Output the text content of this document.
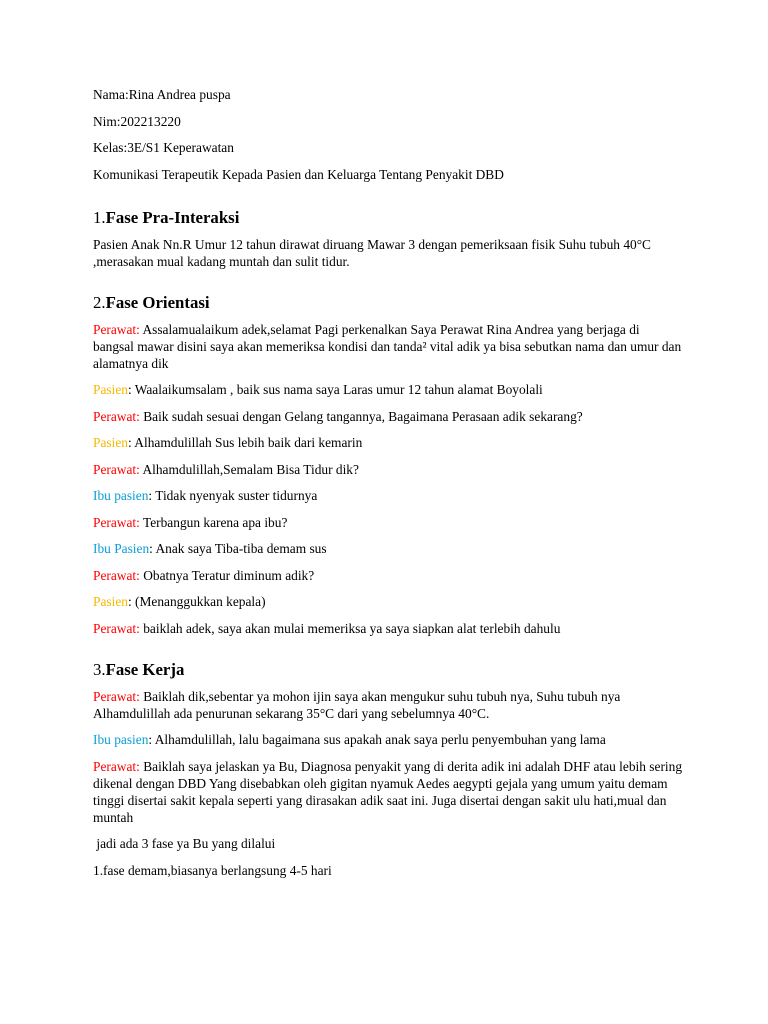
Nama:Rina Andrea puspa

Nim:202213220

Kelas:3E/S1 Keperawatan

Komunikasi Terapeutik Kepada Pasien dan Keluarga Tentang Penyakit DBD

1.Fase Pra-Interaksi

Pasien Anak Nn.R Umur 12 tahun dirawat diruang Mawar 3 dengan pemeriksaan fisik Suhu tubuh 40°C ,merasakan mual kadang muntah dan sulit tidur.

2.Fase Orientasi

Perawat: Assalamualaikum adek,selamat Pagi perkenalkan Saya Perawat Rina Andrea yang berjaga di bangsal mawar disini saya akan memeriksa kondisi dan tanda² vital adik ya bisa sebutkan nama dan umur dan alamatnya dik

Pasien: Waalaikumsalam , baik sus nama saya Laras umur 12 tahun alamat Boyolali

Perawat: Baik sudah sesuai dengan Gelang tangannya, Bagaimana Perasaan adik sekarang?

Pasien: Alhamdulillah Sus lebih baik dari kemarin

Perawat: Alhamdulillah,Semalam Bisa Tidur dik?

Ibu pasien: Tidak nyenyak suster tidurnya

Perawat: Terbangun karena apa ibu?

Ibu Pasien: Anak saya Tiba-tiba demam sus

Perawat: Obatnya Teratur diminum adik?

Pasien: (Menanggukkan kepala)

Perawat: baiklah adek, saya akan mulai memeriksa ya saya siapkan alat terlebih dahulu

3.Fase Kerja

Perawat: Baiklah dik,sebentar ya mohon ijin saya akan mengukur suhu tubuh nya, Suhu tubuh nya Alhamdulillah ada penurunan sekarang 35°C dari yang sebelumnya 40°C.

Ibu pasien: Alhamdulillah, lalu bagaimana sus apakah anak saya perlu penyembuhan yang lama

Perawat: Baiklah saya jelaskan ya Bu, Diagnosa penyakit yang di derita adik ini adalah DHF atau lebih sering dikenal dengan DBD Yang disebabkan oleh gigitan nyamuk Aedes aegypti gejala yang umum yaitu demam tinggi disertai sakit kepala seperti yang dirasakan adik saat ini. Juga disertai dengan sakit ulu hati,mual dan muntah

jadi ada 3 fase ya Bu yang dilalui

1.fase demam,biasanya berlangsung 4-5 hari
